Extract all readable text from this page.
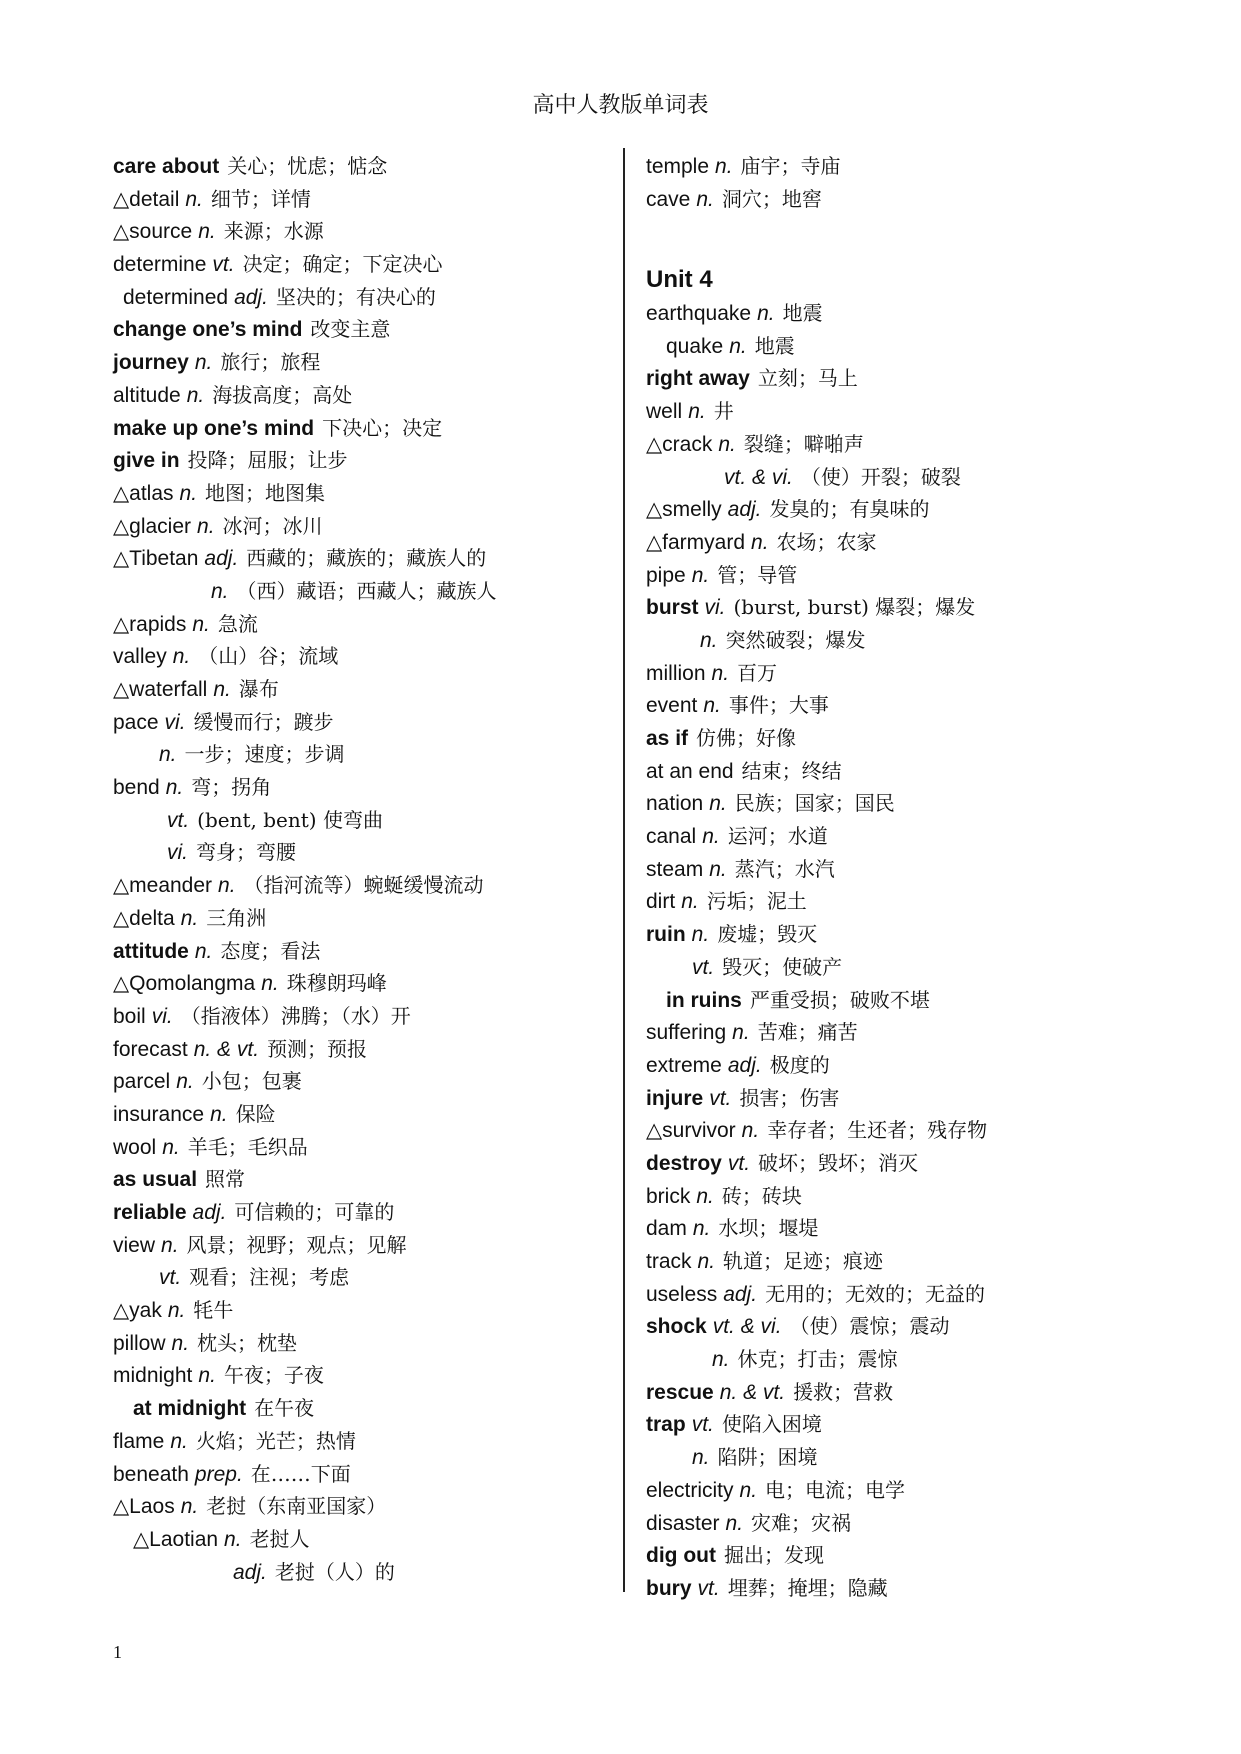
高中人教版单词表
care about 关心；忧虑；惦念
△detail n. 细节；详情
△source n. 来源；水源
determine vt. 决定；确定；下定决心
determined adj. 坚决的；有决心的
change one’s mind 改变主意
journey n. 旅行；旅程
altitude n. 海拔高度；高处
make up one’s mind 下决心；决定
give in 投降；屈服；让步
△atlas n. 地图；地图集
△glacier n. 冰河；冰川
△Tibetan adj. 西藏的；藏族的；藏族人的
n. （西）藏语；西藏人；藏族人
△rapids n. 急流
valley n. （山）谷；流域
△waterfall n. 瀑布
pace vi. 缓慢而行；踱步
n. 一步；速度；步调
bend n. 弯；拐角
vt. (bent, bent) 使弯曲
vi. 弯身；弯腰
△meander n. （指河流等）蜿蜒缓慢流动
△delta n. 三角洲
attitude n. 态度；看法
△Qomolangma n. 珠穆朗玛峰
boil vi. （指液体）沸腾；（水）开
forecast n. & vt. 预测；预报
parcel n. 小包；包裹
insurance n. 保险
wool n. 羊毛；毛织品
as usual 照常
reliable adj. 可信赖的；可靠的
view n. 风景；视野；观点；见解
vt. 观看；注视；考虑
△yak n. 牦牛
pillow n. 枕头；枕垫
midnight n. 午夜；子夜
at midnight 在午夜
flame n. 火焰；光芒；热情
beneath prep. 在……下面
△Laos n. 老挝（东南亚国家）
△Laotian n. 老挝人
adj. 老挝（人）的
temple n. 庙宇；寺庙
cave n. 洞穴；地窖
Unit 4
earthquake n. 地震
quake n. 地震
right away 立刻；马上
well n. 井
△crack n. 裂缝；噼啪声
vt. & vi. （使）开裂；破裂
△smelly adj. 发臭的；有臭味的
△farmyard n. 农场；农家
pipe n. 管；导管
burst vi. (burst, burst) 爆裂；爆发
n. 突然破裂；爆发
million n. 百万
event n. 事件；大事
as if 仿佛；好像
at an end 结束；终结
nation n. 民族；国家；国民
canal n. 运河；水道
steam n. 蒸汽；水汽
dirt n. 污垢；泥土
ruin n. 废墟；毁灭
vt. 毁灭；使破产
in ruins 严重受损；破败不堪
suffering n. 苦难；痛苦
extreme adj. 极度的
injure vt. 损害；伤害
△survivor n. 幸存者；生还者；残存物
destroy vt. 破坏；毁坏；消灭
brick n. 砖；砖块
dam n. 水坝；堰堤
track n. 轨道；足迹；痕迹
useless adj. 无用的；无效的；无益的
shock vt. & vi. （使）震惊；震动
n. 休克；打击；震惊
rescue n. & vt. 援救；营救
trap vt. 使陷入困境
n. 陷阱；困境
electricity n. 电；电流；电学
disaster n. 灾难；灾祸
dig out 掘出；发现
bury vt. 埋葬；掩埋；隐藏
1
